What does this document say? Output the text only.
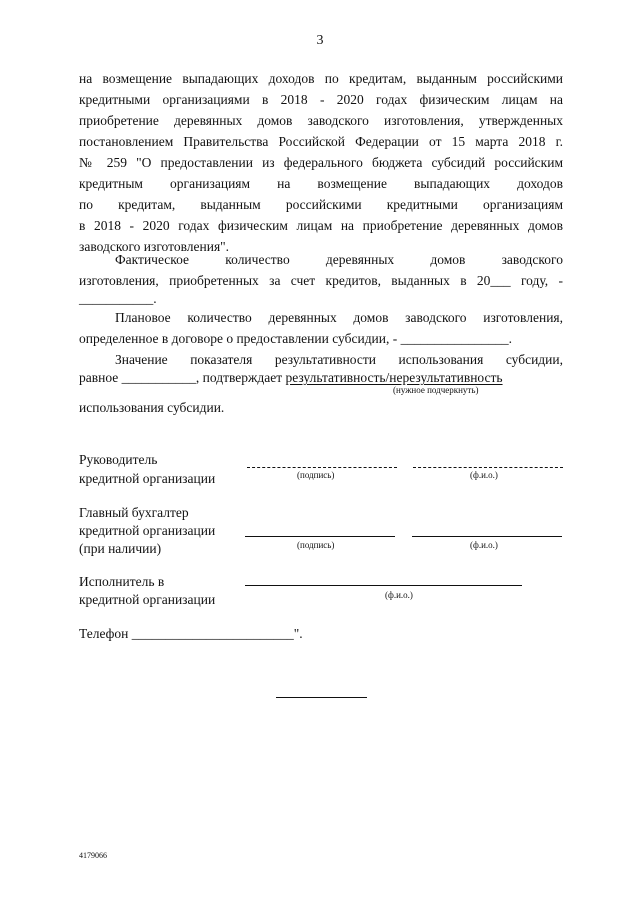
3
на возмещение выпадающих доходов по кредитам, выданным российскими
кредитными организациями в 2018 - 2020 годах физическим лицам на
приобретение деревянных домов заводского изготовления, утвержденных
постановлением Правительства Российской Федерации от 15 марта 2018 г.
№ 259 "О предоставлении из федерального бюджета субсидий российским
кредитным организациям на возмещение выпадающих доходов
по кредитам, выданным российскими кредитными организациям
в 2018 - 2020 годах физическим лицам на приобретение деревянных домов
заводского изготовления".
Фактическое количество деревянных домов заводского
изготовления, приобретенных за счет кредитов, выданных в 20___ году, -
___________.
Плановое количество деревянных домов заводского изготовления,
определенное в договоре о предоставлении субсидии, - ________________.
Значение показателя результативности использования субсидии,
равное ___________, подтверждает результативность/нерезультативность
(нужное подчеркнуть)
использования субсидии.
Руководитель
кредитной организации	(подпись)	(ф.и.о.)
Главный бухгалтер
кредитной организации
(при наличии)	(подпись)	(ф.и.о.)
Исполнитель в
кредитной организации	(ф.и.о.)
Телефон ________________________".
4179066
